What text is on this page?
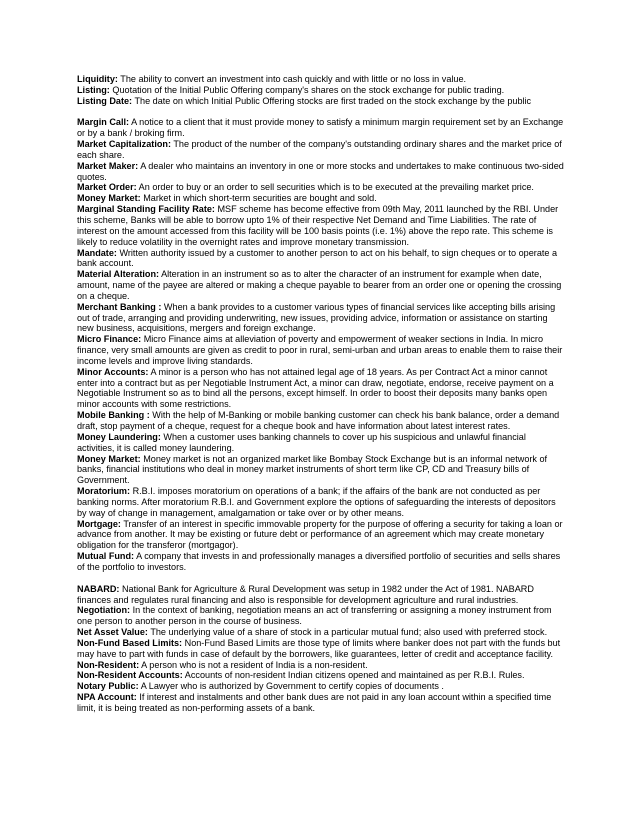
Liquidity: The ability to convert an investment into cash quickly and with little or no loss in value.

Listing: Quotation of the Initial Public Offering company's shares on the stock exchange for public trading.

Listing Date: The date on which Initial Public Offering stocks are first traded on the stock exchange by the public

Margin Call: A notice to a client that it must provide money to satisfy a minimum margin requirement set by an Exchange or by a bank / broking firm.

Market Capitalization: The product of the number of the company's outstanding ordinary shares and the market price of each share.

Market Maker: A dealer who maintains an inventory in one or more stocks and undertakes to make continuous two-sided quotes.

Market Order: An order to buy or an order to sell securities which is to be executed at the prevailing market price.

Money Market: Market in which short-term securities are bought and sold.

Marginal Standing Facility Rate: MSF scheme has become effective from 09th May, 2011 launched by the RBI. Under this scheme, Banks will be able to borrow upto 1% of their respective Net Demand and Time Liabilities. The rate of interest on the amount accessed from this facility will be 100 basis points (i.e. 1%) above the repo rate. This scheme is likely to reduce volatility in the overnight rates and improve monetary transmission.

Mandate: Written authority issued by a customer to another person to act on his behalf, to sign cheques or to operate a bank account.

Material Alteration: Alteration in an instrument so as to alter the character of an instrument for example when date, amount, name of the payee are altered or making a cheque payable to bearer from an order one or opening the crossing on a cheque.

Merchant Banking : When a bank provides to a customer various types of financial services like accepting bills arising out of trade, arranging and providing underwriting, new issues, providing advice, information or assistance on starting new business, acquisitions, mergers and foreign exchange.

Micro Finance: Micro Finance aims at alleviation of poverty and empowerment of weaker sections in India. In micro finance, very small amounts are given as credit to poor in rural, semi-urban and urban areas to enable them to raise their income levels and improve living standards.

Minor Accounts: A minor is a person who has not attained legal age of 18 years. As per Contract Act a minor cannot enter into a contract but as per Negotiable Instrument Act, a minor can draw, negotiate, endorse, receive payment on a Negotiable Instrument so as to bind all the persons, except himself. In order to boost their deposits many banks open minor accounts with some restrictions.

Mobile Banking : With the help of M-Banking or mobile banking customer can check his bank balance, order a demand draft, stop payment of a cheque, request for a cheque book and have information about latest interest rates.

Money Laundering: When a customer uses banking channels to cover up his suspicious and unlawful financial activities, it is called money laundering.

Money Market: Money market is not an organized market like Bombay Stock Exchange but is an informal network of banks, financial institutions who deal in money market instruments of short term like CP, CD and Treasury bills of Government.

Moratorium: R.B.I. imposes moratorium on operations of a bank; if the affairs of the bank are not conducted as per banking norms. After moratorium R.B.I. and Government explore the options of safeguarding the interests of depositors by way of change in management, amalgamation or take over or by other means.

Mortgage: Transfer of an interest in specific immovable property for the purpose of offering a security for taking a loan or advance from another. It may be existing or future debt or performance of an agreement which may create monetary obligation for the transferor (mortgagor).

Mutual Fund: A company that invests in and professionally manages a diversified portfolio of securities and sells shares of the portfolio to investors.

NABARD: National Bank for Agriculture & Rural Development was setup in 1982 under the Act of 1981. NABARD finances and regulates rural financing and also is responsible for development agriculture and rural industries.

Negotiation: In the context of banking, negotiation means an act of transferring or assigning a money instrument from one person to another person in the course of business.

Net Asset Value: The underlying value of a share of stock in a particular mutual fund; also used with preferred stock.

Non-Fund Based Limits: Non-Fund Based Limits are those type of limits where banker does not part with the funds but may have to part with funds in case of default by the borrowers, like guarantees, letter of credit and acceptance facility.

Non-Resident: A person who is not a resident of India is a non-resident.

Non-Resident Accounts: Accounts of non-resident Indian citizens opened and maintained as per R.B.I. Rules.

Notary Public: A Lawyer who is authorized by Government to certify copies of documents .

NPA Account: If interest and instalments and other bank dues are not paid in any loan account within a specified time limit, it is being treated as non-performing assets of a bank.
